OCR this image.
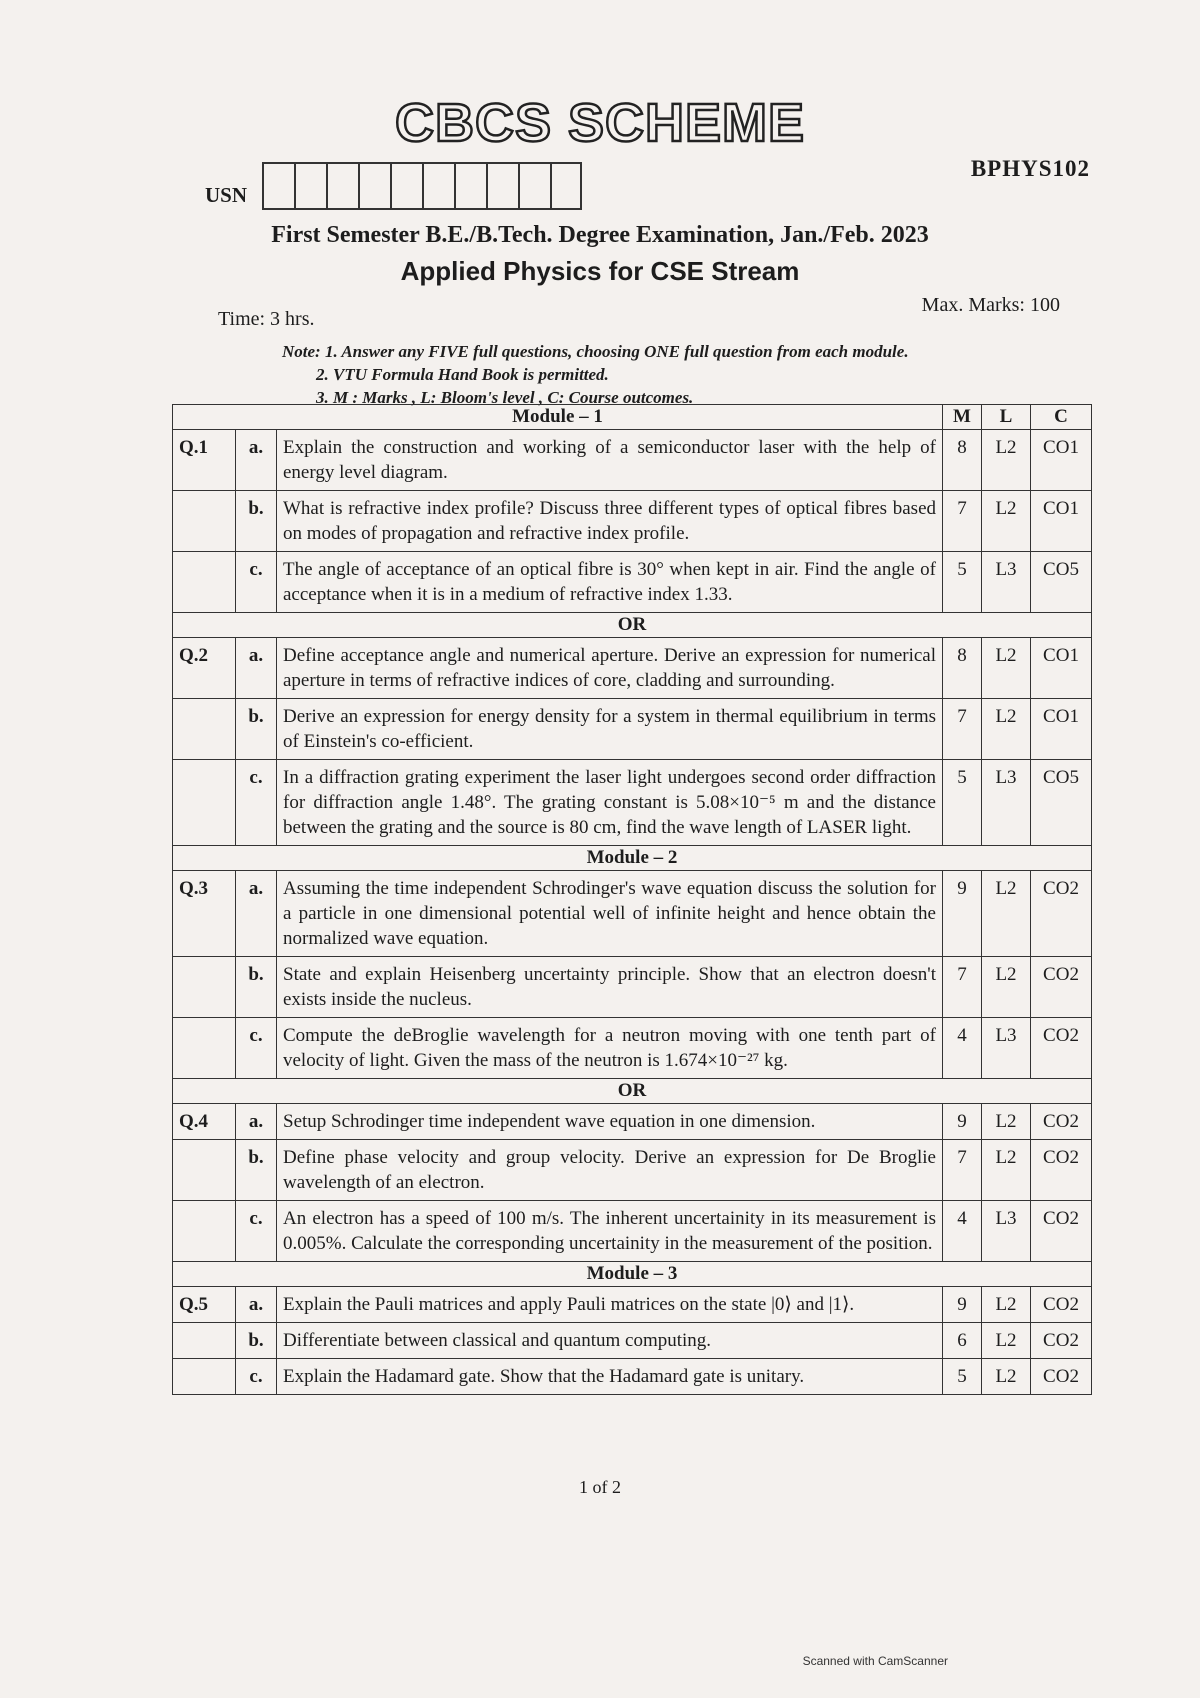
CBCS SCHEME
BPHYS102
USN
First Semester B.E./B.Tech. Degree Examination, Jan./Feb. 2023
Applied Physics for CSE Stream
Time: 3 hrs.
Max. Marks: 100
Note: 1. Answer any FIVE full questions, choosing ONE full question from each module.
2. VTU Formula Hand Book is permitted.
3. M : Marks , L: Bloom's level , C: Course outcomes.
Module – 1			M	L	C
Q.1	a.	Explain the construction and working of a semiconductor laser with the help of energy level diagram.	8	L2	CO1
	b.	What is refractive index profile? Discuss three different types of optical fibres based on modes of propagation and refractive index profile.	7	L2	CO1
	c.	The angle of acceptance of an optical fibre is 30° when kept in air. Find the angle of acceptance when it is in a medium of refractive index 1.33.	5	L3	CO5
OR					
Q.2	a.	Define acceptance angle and numerical aperture. Derive an expression for numerical aperture in terms of refractive indices of core, cladding and surrounding.	8	L2	CO1
	b.	Derive an expression for energy density for a system in thermal equilibrium in terms of Einstein's co-efficient.	7	L2	CO1
	c.	In a diffraction grating experiment the laser light undergoes second order diffraction for diffraction angle 1.48°. The grating constant is 5.08×10⁻⁵ m and the distance between the grating and the source is 80 cm, find the wave length of LASER light.	5	L3	CO5
Module – 2					
Q.3	a.	Assuming the time independent Schrodinger's wave equation discuss the solution for a particle in one dimensional potential well of infinite height and hence obtain the normalized wave equation.	9	L2	CO2
	b.	State and explain Heisenberg uncertainty principle. Show that an electron doesn't exists inside the nucleus.	7	L2	CO2
	c.	Compute the deBroglie wavelength for a neutron moving with one tenth part of velocity of light. Given the mass of the neutron is 1.674×10⁻²⁷ kg.	4	L3	CO2
OR					
Q.4	a.	Setup Schrodinger time independent wave equation in one dimension.	9	L2	CO2
	b.	Define phase velocity and group velocity. Derive an expression for De Broglie wavelength of an electron.	7	L2	CO2
	c.	An electron has a speed of 100 m/s. The inherent uncertainity in its measurement is 0.005%. Calculate the corresponding uncertainity in the measurement of the position.	4	L3	CO2
Module – 3					
Q.5	a.	Explain the Pauli matrices and apply Pauli matrices on the state |0⟩ and |1⟩.	9	L2	CO2
	b.	Differentiate between classical and quantum computing.	6	L2	CO2
	c.	Explain the Hadamard gate. Show that the Hadamard gate is unitary.	5	L2	CO2
1 of 2
Scanned with CamScanner
